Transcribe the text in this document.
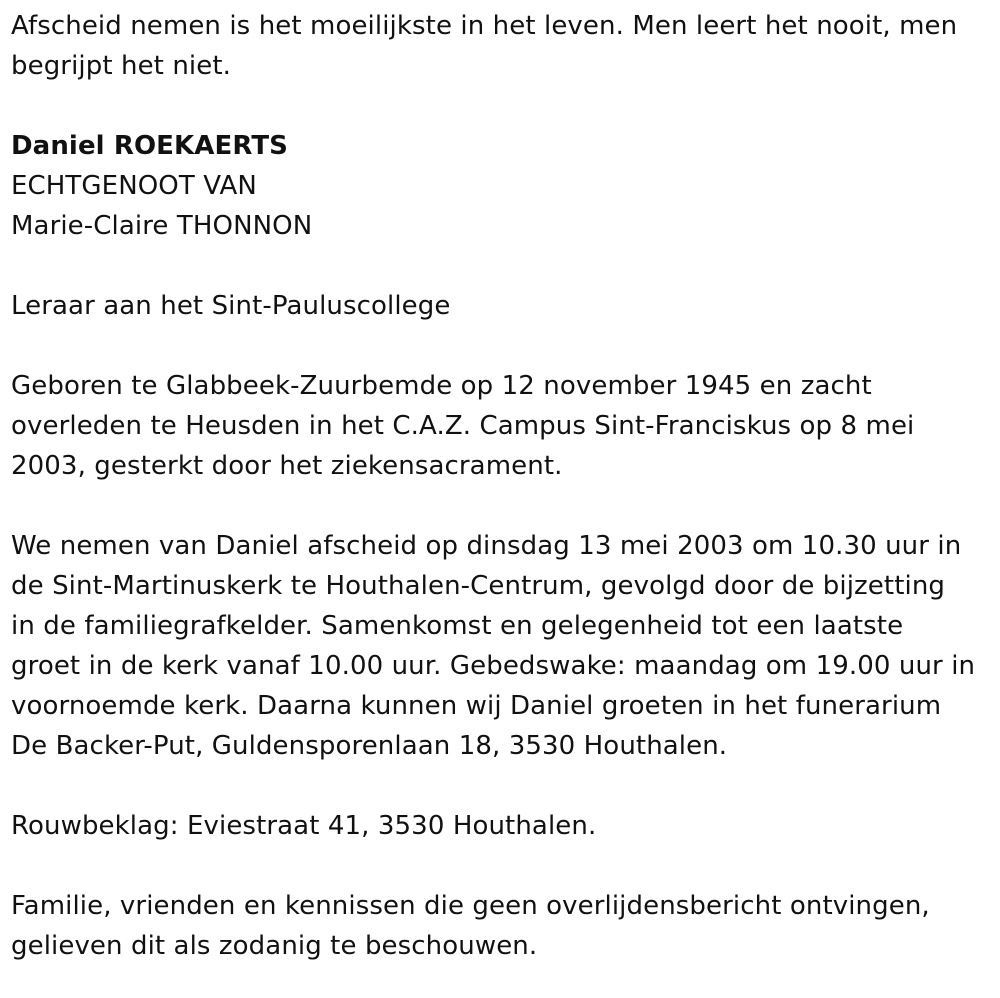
Afscheid nemen is het moeilijkste in het leven. Men leert het nooit, men

begrijpt het niet.

Daniel ROEKAERTS

ECHTGENOOT VAN

Marie-Claire THONNON

Leraar aan het Sint-Pauluscollege

Geboren te Glabbeek-Zuurbemde op 12 november 1945 en zacht

overleden te Heusden in het C.A.Z. Campus Sint-Franciskus op 8 mei

2003, gesterkt door het ziekensacrament.

We nemen van Daniel afscheid op dinsdag 13 mei 2003 om 10.30 uur in

de Sint-Martinuskerk te Houthalen-Centrum, gevolgd door de bijzetting

in de familiegrafkelder. Samenkomst en gelegenheid tot een laatste

groet in de kerk vanaf 10.00 uur. Gebedswake: maandag om 19.00 uur in

voornoemde kerk. Daarna kunnen wij Daniel groeten in het funerarium

De Backer-Put, Guldensporenlaan 18, 3530 Houthalen.

Rouwbeklag: Eviestraat 41, 3530 Houthalen.

Familie, vrienden en kennissen die geen overlijdensbericht ontvingen,

gelieven dit als zodanig te beschouwen.
